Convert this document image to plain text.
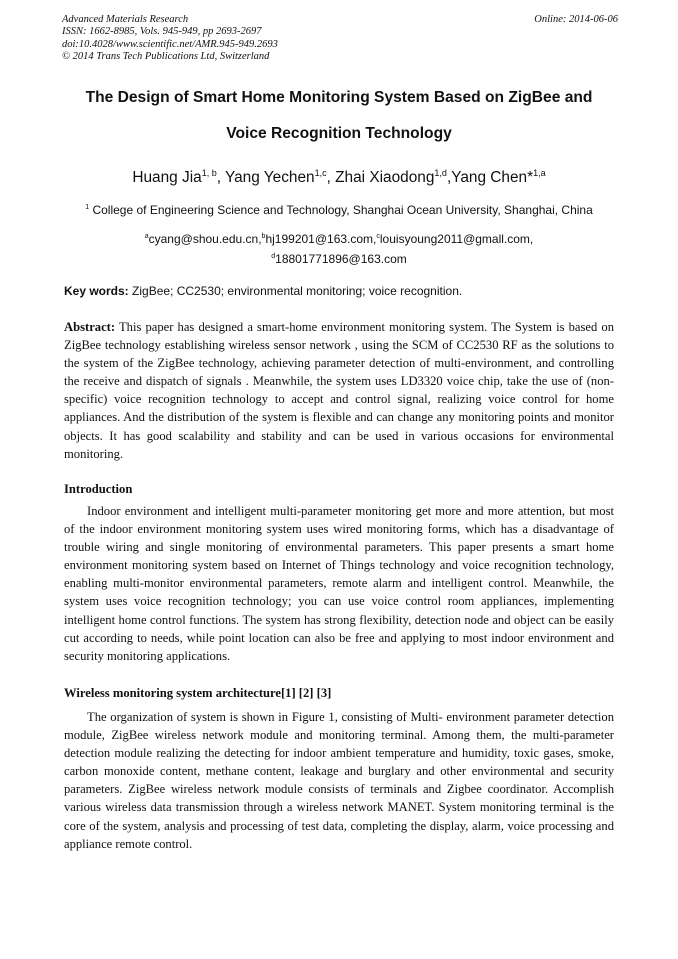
Advanced Materials Research
ISSN: 1662-8985, Vols. 945-949, pp 2693-2697
doi:10.4028/www.scientific.net/AMR.945-949.2693
© 2014 Trans Tech Publications Ltd, Switzerland
Online: 2014-06-06
The Design of Smart Home Monitoring System Based on ZigBee and
Voice Recognition Technology
Huang Jia$^{1, b}$, Yang Yechen$^{1,c}$, Zhai Xiaodong$^{1,d}$,Yang Chen*$^{1,a}$
$^1$ College of Engineering Science and Technology, Shanghai Ocean University, Shanghai, China
$^a$cyang@shou.edu.cn,$^b$hj199201@163.com,$^c$louisyoung2011@gmall.com,
$^d$18801771896@163.com
Key words: ZigBee; CC2530; environmental monitoring; voice recognition.
Abstract: This paper has designed a smart-home environment monitoring system. The System is based on ZigBee technology establishing wireless sensor network , using the SCM of CC2530 RF as the solutions to the system of the ZigBee technology, achieving parameter detection of multi-environment, and controlling the receive and dispatch of signals . Meanwhile, the system uses LD3320 voice chip, take the use of (non-specific) voice recognition technology to accept and control signal, realizing voice control for home appliances. And the distribution of the system is flexible and can change any monitoring points and monitor objects. It has good scalability and stability and can be used in various occasions for environmental monitoring.
Introduction
Indoor environment and intelligent multi-parameter monitoring get more and more attention, but most of the indoor environment monitoring system uses wired monitoring forms, which has a disadvantage of trouble wiring and single monitoring of environmental parameters. This paper presents a smart home environment monitoring system based on Internet of Things technology and voice recognition technology, enabling multi-monitor environmental parameters, remote alarm and intelligent control. Meanwhile, the system uses voice recognition technology; you can use voice control room appliances, implementing intelligent home control functions. The system has strong flexibility, detection node and object can be easily cut according to needs, while point location can also be free and applying to most indoor environment and security monitoring applications.
Wireless monitoring system architecture[1] [2] [3]
The organization of system is shown in Figure 1, consisting of Multi- environment parameter detection module, ZigBee wireless network module and monitoring terminal. Among them, the multi-parameter detection module realizing the detecting for indoor ambient temperature and humidity, toxic gases, smoke, carbon monoxide content, methane content, leakage and burglary and other environmental and security parameters. ZigBee wireless network module consists of terminals and Zigbee coordinator. Accomplish various wireless data transmission through a wireless network MANET. System monitoring terminal is the core of the system, analysis and processing of test data, completing the display, alarm, voice processing and appliance remote control.
